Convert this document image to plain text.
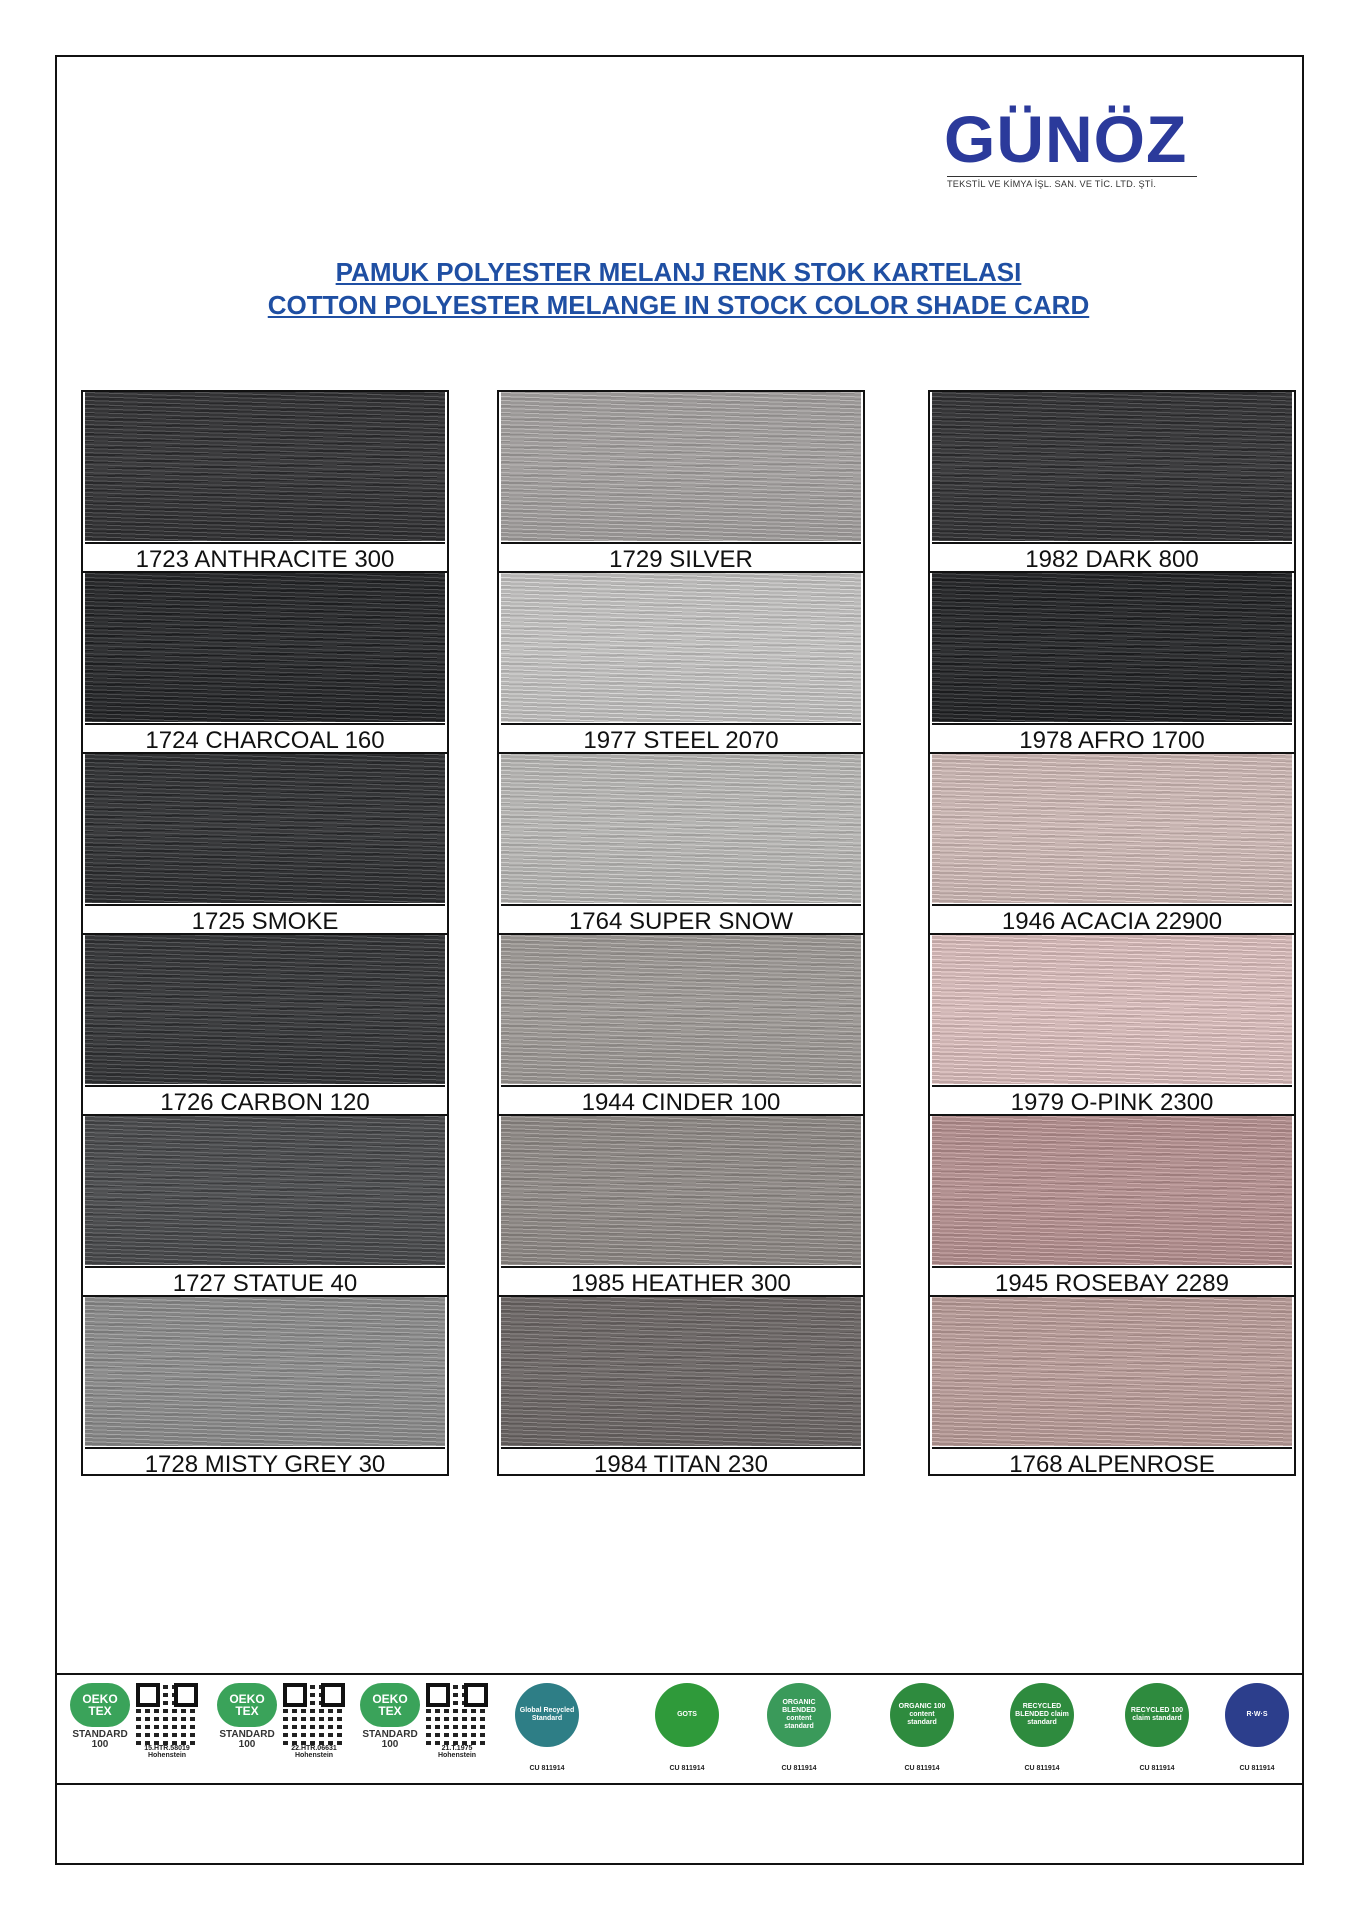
GÜNÖZ
TEKSTİL VE KİMYA İŞL. SAN. VE TİC. LTD. ŞTİ.
PAMUK POLYESTER MELANJ RENK STOK KARTELASI
COTTON POLYESTER MELANGE IN STOCK COLOR SHADE CARD
1723 ANTHRACITE 300
1724 CHARCOAL 160
1725 SMOKE
1726 CARBON 120
1727 STATUE 40
1728 MISTY GREY 30
1729 SILVER
1977 STEEL 2070
1764 SUPER SNOW
1944 CINDER 100
1985 HEATHER 300
1984 TITAN 230
1982 DARK 800
1978 AFRO 1700
1946 ACACIA 22900
1979 O-PINK 2300
1945 ROSEBAY 2289
1768 ALPENROSE
OEKO TEX
STANDARD 100	15.HTR.58019
Hohenstein
OEKO TEX
STANDARD 100	22.HTR.06631
Hohenstein
OEKO TEX
STANDARD 100	21.T.1975
Hohenstein
Global Recycled Standard
CU 811914
GOTS
CU 811914
ORGANIC BLENDED content standard
CU 811914
ORGANIC 100 content standard
CU 811914
RECYCLED BLENDED claim standard
CU 811914
RECYCLED 100 claim standard
CU 811914
R·W·S
CU 811914
